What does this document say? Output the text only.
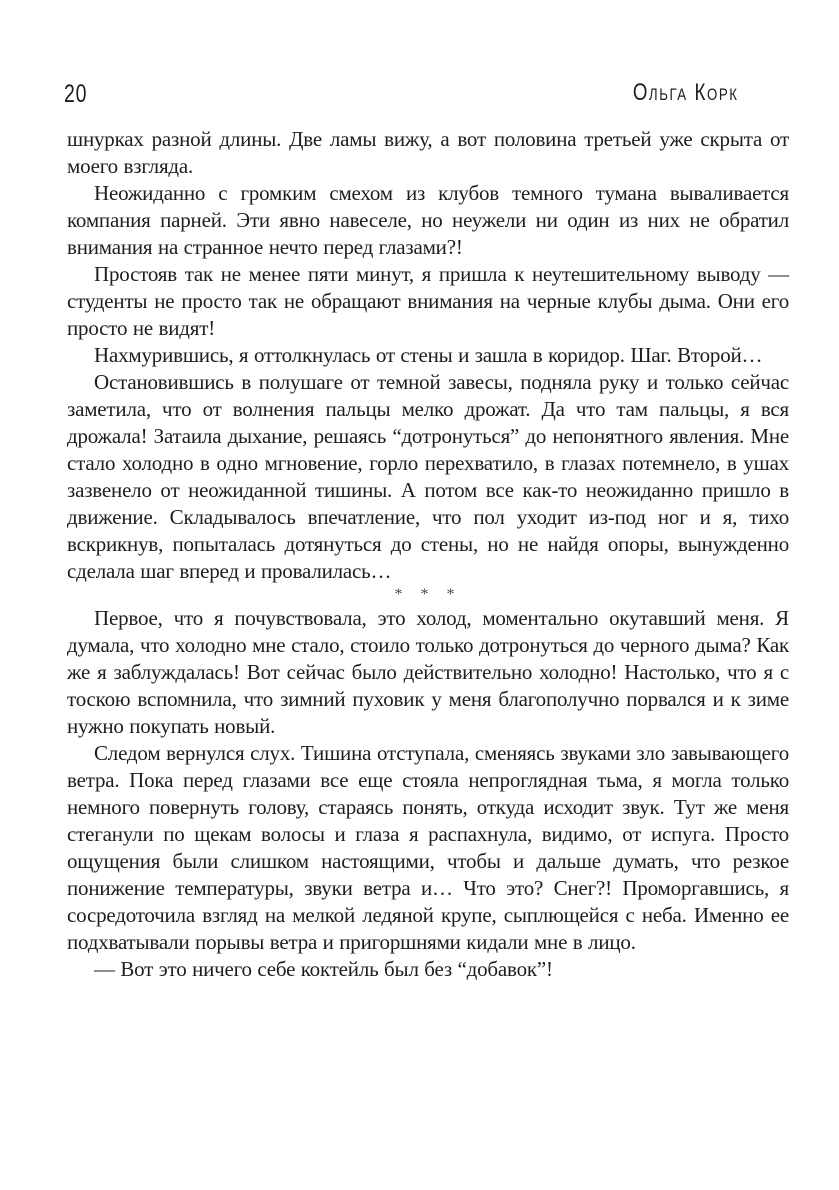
20	Ольга Корк

шнурках разной длины. Две ламы вижу, а вот половина третьей уже скрыта от моего взгляда.

Неожиданно с громким смехом из клубов темного тумана вываливается компания парней. Эти явно навеселе, но неужели ни один из них не обратил внимания на странное нечто перед глазами?!

Простояв так не менее пяти минут, я пришла к неутешительному выводу — студенты не просто так не обращают внимания на черные клубы дыма. Они его просто не видят!

Нахмурившись, я оттолкнулась от стены и зашла в коридор. Шаг. Второй…

Остановившись в полушаге от темной завесы, подняла руку и только сейчас заметила, что от волнения пальцы мелко дрожат. Да что там пальцы, я вся дрожала! Затаила дыхание, решаясь “дотронуться” до непонятного явления. Мне стало холодно в одно мгновение, горло перехватило, в глазах потемнело, в ушах зазвенело от неожиданной тишины. А потом все как-то неожиданно пришло в движение. Складывалось впечатление, что пол уходит из-под ног и я, тихо вскрикнув, попыталась дотянуться до стены, но не найдя опоры, вынужденно сделала шаг вперед и провалилась…

* * *

Первое, что я почувствовала, это холод, моментально окутавший меня. Я думала, что холодно мне стало, стоило только дотронуться до черного дыма? Как же я заблуждалась! Вот сейчас было действительно холодно! Настолько, что я с тоскою вспомнила, что зимний пуховик у меня благополучно порвался и к зиме нужно покупать новый.

Следом вернулся слух. Тишина отступала, сменяясь звуками зло завывающего ветра. Пока перед глазами все еще стояла непроглядная тьма, я могла только немного повернуть голову, стараясь понять, откуда исходит звук. Тут же меня стеганули по щекам волосы и глаза я распахнула, видимо, от испуга. Просто ощущения были слишком настоящими, чтобы и дальше думать, что резкое понижение температуры, звуки ветра и… Что это? Снег?! Проморгавшись, я сосредоточила взгляд на мелкой ледяной крупе, сыплющейся с неба. Именно ее подхватывали порывы ветра и пригоршнями кидали мне в лицо.

— Вот это ничего себе коктейль был без “добавок”!
